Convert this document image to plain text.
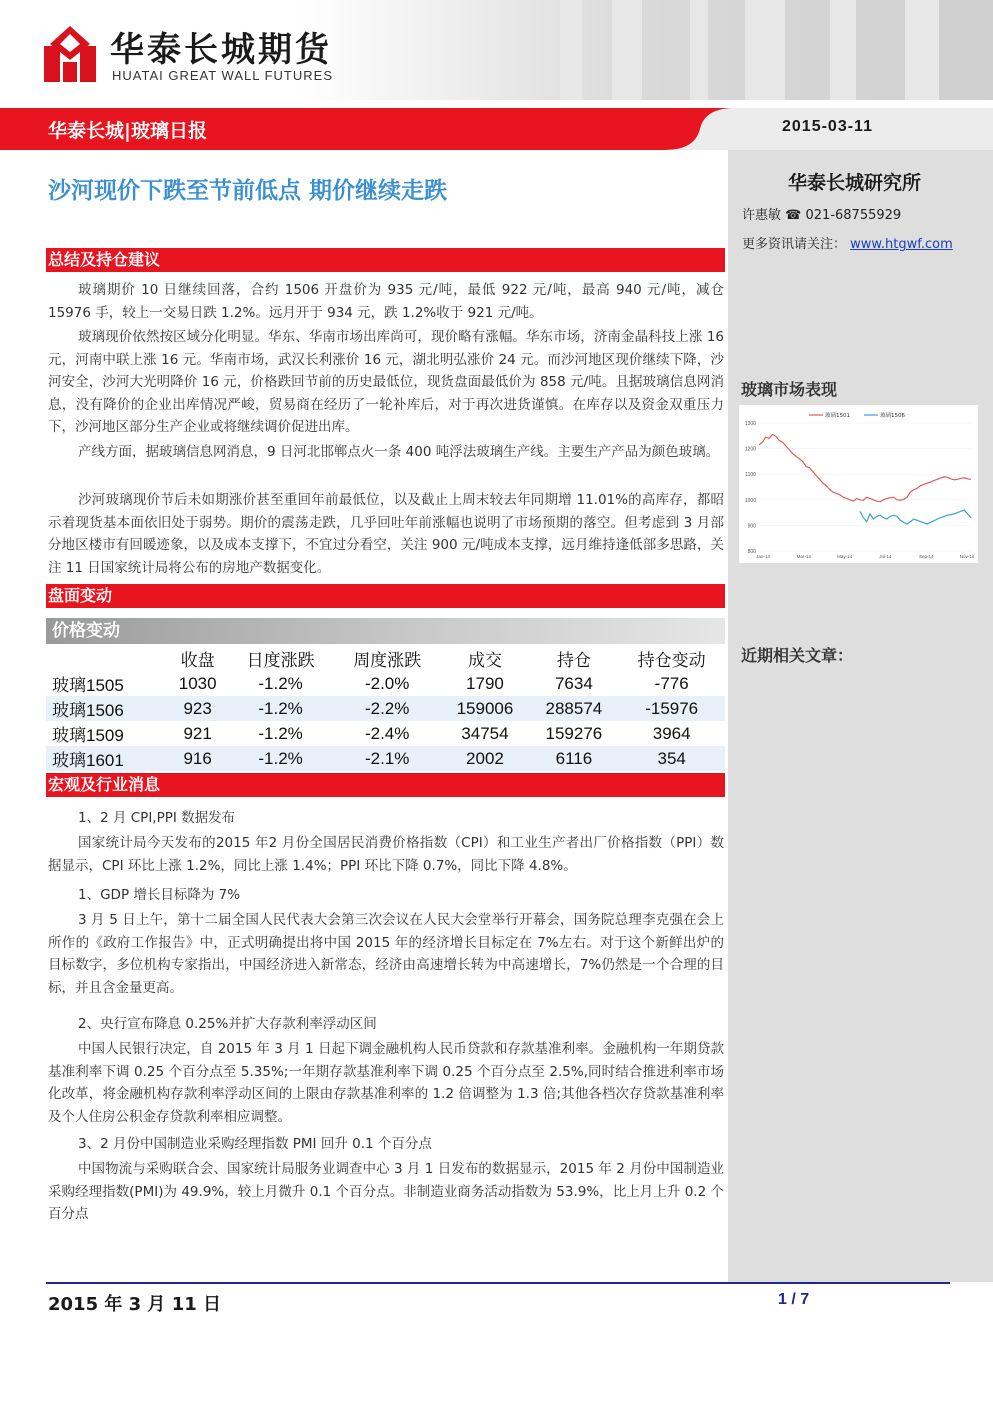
华泰长城期货
HUATAI GREAT WALL FUTURES
华泰长城|玻璃日报	2015-03-11
华泰长城研究所
许惠敏 ☎ 021-68755929
更多资讯请关注： www.htgwf.com
玻璃市场表现
1300
1200
1100
1000
900
800
Jan-14	Mar-14	May-14	Jul-14	Sep-14	Nov-14
玻璃1501	玻璃1506
近期相关文章：
沙河现价下跌至节前低点 期价继续走跌
总结及持仓建议

玻璃期价 10 日继续回落，合约 1506 开盘价为 935 元/吨，最低 922 元/吨，最高 940 元/吨，减仓 15976 手，较上一交易日跌 1.2%。远月开于 934 元，跌 1.2%收于 921 元/吨。

玻璃现价依然按区域分化明显。华东、华南市场出库尚可，现价略有涨幅。华东市场，济南金晶科技上涨 16 元，河南中联上涨 16 元。华南市场，武汉长利涨价 16 元，湖北明弘涨价 24 元。而沙河地区现价继续下降，沙河安全，沙河大光明降价 16 元，价格跌回节前的历史最低位，现货盘面最低价为 858 元/吨。且据玻璃信息网消息，没有降价的企业出库情况严峻，贸易商在经历了一轮补库后，对于再次进货谨慎。在库存以及资金双重压力下，沙河地区部分生产企业或将继续调价促进出库。

产线方面，据玻璃信息网消息，9 日河北邯郸点火一条 400 吨浮法玻璃生产线。主要生产产品为颜色玻璃。

沙河玻璃现价节后未如期涨价甚至重回年前最低位，以及截止上周末较去年同期增 11.01%的高库存，都昭示着现货基本面依旧处于弱势。期价的震荡走跌，几乎回吐年前涨幅也说明了市场预期的落空。但考虑到 3 月部分地区楼市有回暖迹象，以及成本支撑下，不宜过分看空，关注 900 元/吨成本支撑，远月维持逢低部多思路，关注 11 日国家统计局将公布的房地产数据变化。

盘面变动
价格变动
	收盘	日度涨跌	周度涨跌	成交	持仓	持仓变动
玻璃1505	1030	-1.2%	-2.0%	1790	7634	-776
玻璃1506	923	-1.2%	-2.2%	159006	288574	-15976
玻璃1509	921	-1.2%	-2.4%	34754	159276	3964
玻璃1601	916	-1.2%	-2.1%	2002	6116	354
宏观及行业消息
1、2 月 CPI,PPI 数据发布

国家统计局今天发布的2015 年2 月份全国居民消费价格指数（CPI）和工业生产者出厂价格指数（PPI）数据显示，CPI 环比上涨 1.2%，同比上涨 1.4%；PPI 环比下降 0.7%，同比下降 4.8%。

1、GDP 增长目标降为 7%

3 月 5 日上午，第十二届全国人民代表大会第三次会议在人民大会堂举行开幕会，国务院总理李克强在会上所作的《政府工作报告》中，正式明确提出将中国 2015 年的经济增长目标定在 7%左右。对于这个新鲜出炉的目标数字，多位机构专家指出，中国经济进入新常态，经济由高速增长转为中高速增长，7%仍然是一个合理的目标，并且含金量更高。

2、央行宣布降息 0.25%并扩大存款利率浮动区间

中国人民银行决定，自 2015 年 3 月 1 日起下调金融机构人民币贷款和存款基准利率。金融机构一年期贷款基准利率下调 0.25 个百分点至 5.35%;一年期存款基准利率下调 0.25 个百分点至 2.5%,同时结合推进利率市场化改革，将金融机构存款利率浮动区间的上限由存款基准利率的 1.2 倍调整为 1.3 倍;其他各档次存贷款基准利率及个人住房公积金存贷款利率相应调整。

3、2 月份中国制造业采购经理指数 PMI 回升 0.1 个百分点

中国物流与采购联合会、国家统计局服务业调查中心 3 月 1 日发布的数据显示，2015 年 2 月份中国制造业采购经理指数(PMI)为 49.9%，较上月微升 0.1 个百分点。非制造业商务活动指数为 53.9%，比上月上升 0.2 个百分点

2015 年 3 月 11 日	1 / 7
